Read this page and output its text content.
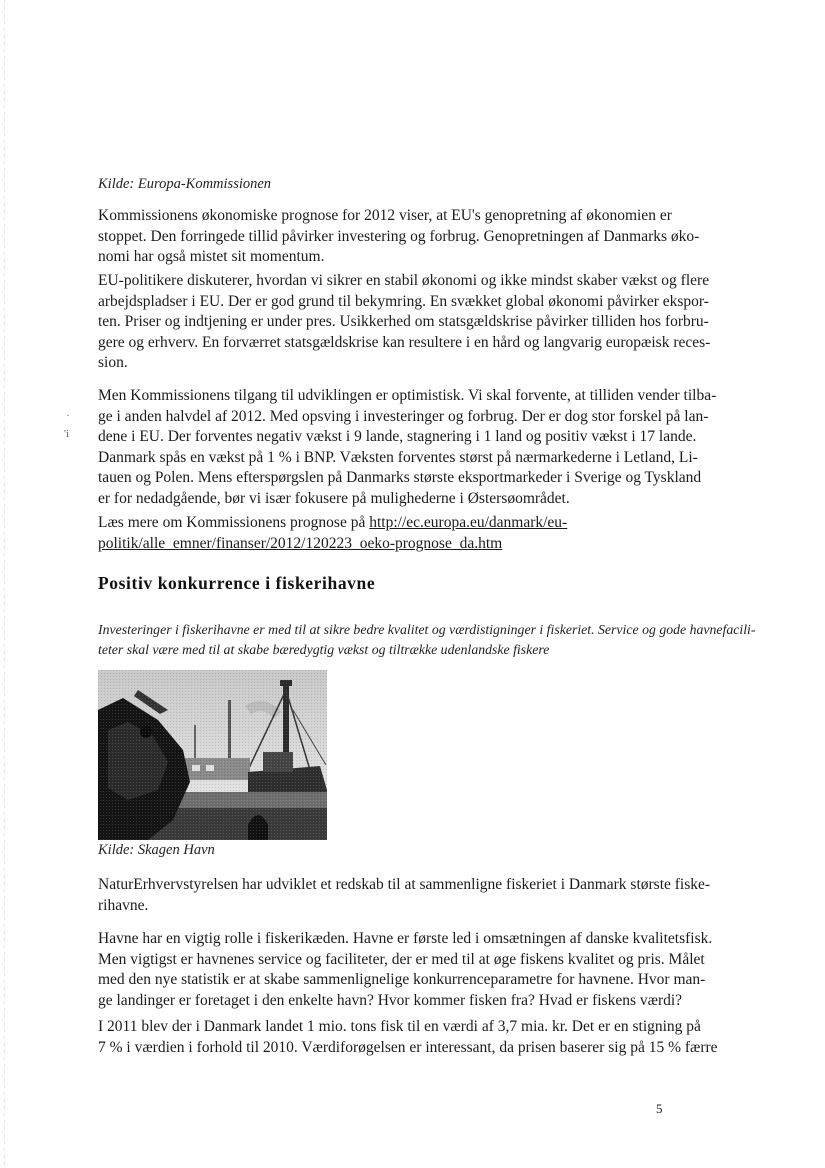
·
'i
Kilde: Europa-Kommissionen

Kommissionens økonomiske prognose for 2012 viser, at EU's genopretning af økonomien er
stoppet. Den forringede tillid påvirker investering og forbrug. Genopretningen af Danmarks øko-
nomi har også mistet sit momentum.

EU-politikere diskuterer, hvordan vi sikrer en stabil økonomi og ikke mindst skaber vækst og flere
arbejdspladser i EU. Der er god grund til bekymring. En svækket global økonomi påvirker ekspor-
ten. Priser og indtjening er under pres. Usikkerhed om statsgældskrise påvirker tilliden hos forbru-
gere og erhverv. En forværret statsgældskrise kan resultere i en hård og langvarig europæisk reces-
sion.

Men Kommissionens tilgang til udviklingen er optimistisk. Vi skal forvente, at tilliden vender tilba-
ge i anden halvdel af 2012. Med opsving i investeringer og forbrug. Der er dog stor forskel på lan-
dene i EU. Der forventes negativ vækst i 9 lande, stagnering i 1 land og positiv vækst i 17 lande.
Danmark spås en vækst på 1 % i BNP. Væksten forventes størst på nærmarkederne i Letland, Li-
tauen og Polen. Mens efterspørgslen på Danmarks største eksportmarkeder i Sverige og Tyskland
er for nedadgående, bør vi især fokusere på mulighederne i Østersøområdet.

Læs mere om Kommissionens prognose på http://ec.europa.eu/danmark/eu-
politik/alle_emner/finanser/2012/120223_oeko-prognose_da.htm

Positiv konkurrence i fiskerihavne

Investeringer i fiskerihavne er med til at sikre bedre kvalitet og værdistigninger i fiskeriet. Service og gode havnefacili-
teter skal være med til at skabe bæredygtig vækst og tiltrække udenlandske fiskere

Kilde: Skagen Havn

NaturErhvervstyrelsen har udviklet et redskab til at sammenligne fiskeriet i Danmark største fiske-
rihavne.

Havne har en vigtig rolle i fiskerikæden. Havne er første led i omsætningen af danske kvalitetsfisk.
Men vigtigst er havnenes service og faciliteter, der er med til at øge fiskens kvalitet og pris. Målet
med den nye statistik er at skabe sammenlignelige konkurrenceparametre for havnene. Hvor man-
ge landinger er foretaget i den enkelte havn? Hvor kommer fisken fra? Hvad er fiskens værdi?

I 2011 blev der i Danmark landet 1 mio. tons fisk til en værdi af 3,7 mia. kr. Det er en stigning på
7 % i værdien i forhold til 2010. Værdiforøgelsen er interessant, da prisen baserer sig på 15 % færre

5
